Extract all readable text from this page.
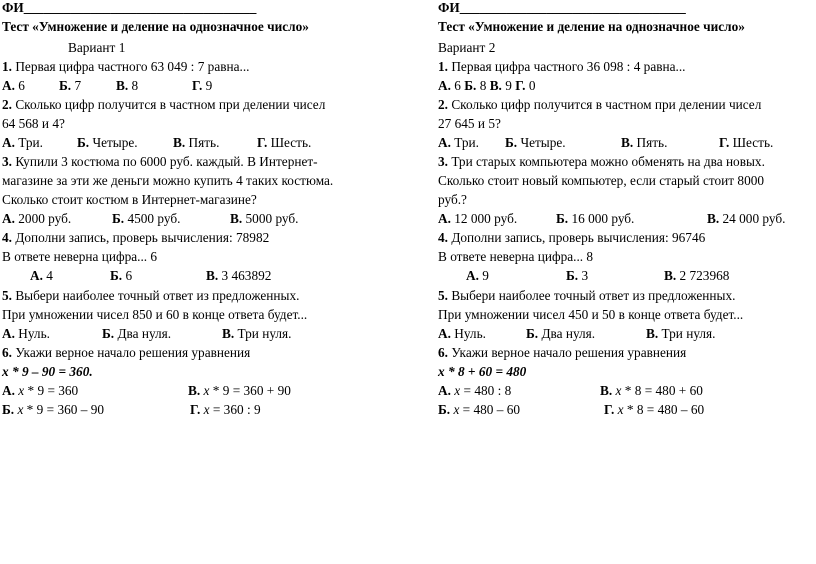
ФИ___________________________________
Тест «Умножение и деление на однозначное число»
Вариант 1
1. Первая цифра частного 63 049 : 7 равна...
А. 6	Б. 7	В. 8	Г. 9
2. Сколько цифр получится в частном при делении чисел
64 568 и 4?
А. Три.	Б. Четыре.	В. Пять.	Г. Шесть.
3. Купили 3 костюма по 6000 руб. каждый. В Интернет-
магазине за эти же деньги можно купить 4 таких костюма.
Сколько стоит костюм в Интернет-магазине?
А. 2000 руб.	Б. 4500 руб.	В. 5000 руб.
4. Дополни запись, проверь вычисления: 78982
В ответе неверна цифра... 6
А. 4	Б. 6	В. 3 463892
5. Выбери наиболее точный ответ из предложенных.
При умножении чисел 850 и 60 в конце ответа будет...
А. Нуль.	Б. Два нуля.	В. Три нуля.
6. Укажи верное начало решения уравнения
x * 9 – 90 = 360.
А. x * 9 = 360	В. x * 9 = 360 + 90
Б. x * 9 = 360 – 90	Г. x = 360 : 9
ФИ__________________________________
Тест «Умножение и деление на однозначное число»
Вариант 2
1. Первая цифра частного 36 098 : 4 равна...
А. 6 Б. 8 В. 9 Г. 0
2. Сколько цифр получится в частном при делении чисел
27 645 и 5?
А. Три. Б. Четыре.	В. Пять.	Г. Шесть.
3. Три старых компьютера можно обменять на два новых.
Сколько стоит новый компьютер, если старый стоит 8000
руб.?
А. 12 000 руб.	Б. 16 000 руб.	В. 24 000 руб.
4. Дополни запись, проверь вычисления: 96746
В ответе неверна цифра... 8
А. 9	Б. 3	В. 2 723968
5. Выбери наиболее точный ответ из предложенных.
При умножении чисел 450 и 50 в конце ответа будет...
А. Нуль.	Б. Два нуля.	В. Три нуля.
6. Укажи верное начало решения уравнения
x * 8 + 60 = 480
А. x = 480 : 8	В. x * 8 = 480 + 60
Б. x = 480 – 60	Г. x * 8 = 480 – 60
